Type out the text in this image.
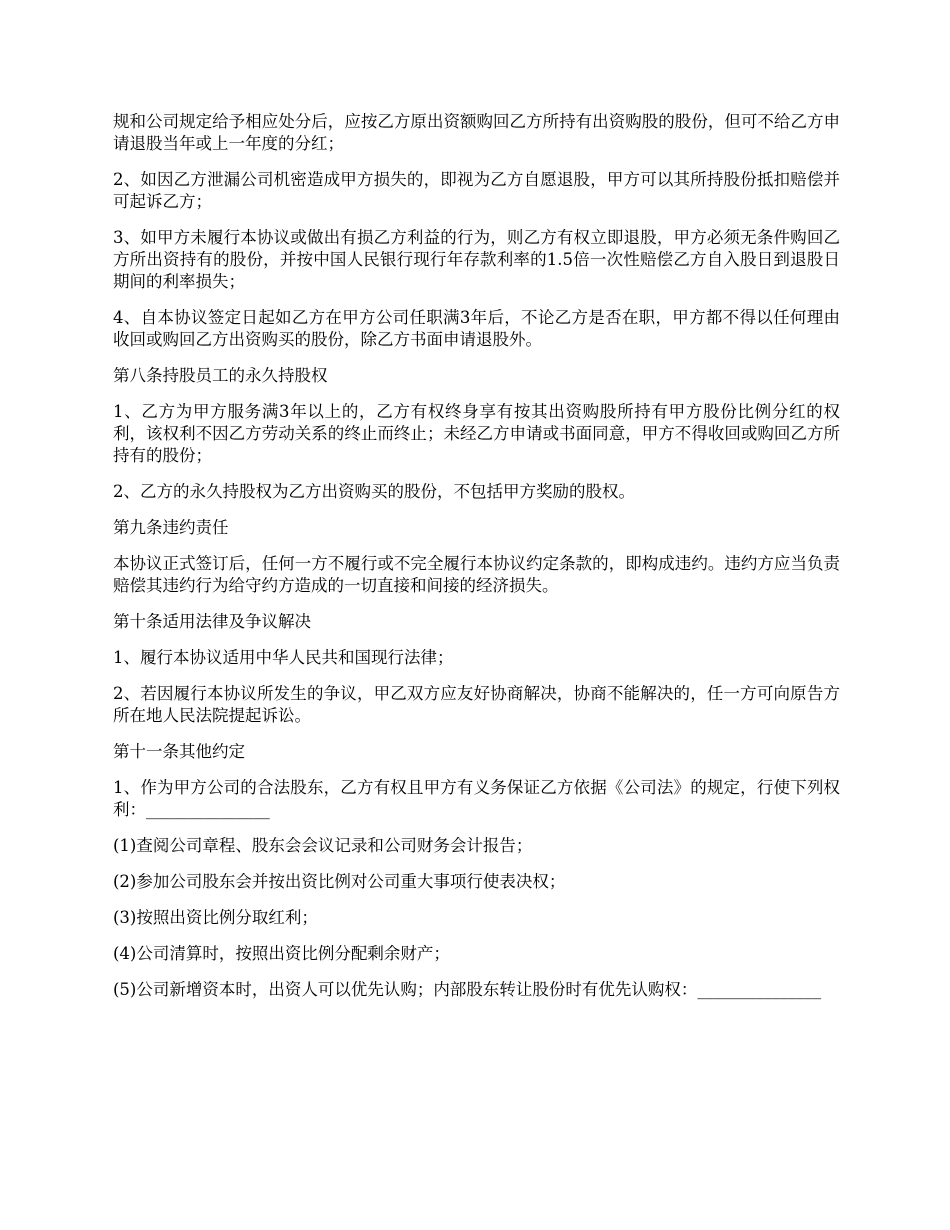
规和公司规定给予相应处分后，应按乙方原出资额购回乙方所持有出资购股的股份，但可不给乙方申请退股当年或上一年度的分红；

2、如因乙方泄漏公司机密造成甲方损失的，即视为乙方自愿退股，甲方可以其所持股份抵扣赔偿并可起诉乙方；

3、如甲方未履行本协议或做出有损乙方利益的行为，则乙方有权立即退股，甲方必须无条件购回乙方所出资持有的股份，并按中国人民银行现行年存款利率的1.5倍一次性赔偿乙方自入股日到退股日期间的利率损失；

4、自本协议签定日起如乙方在甲方公司任职满3年后，不论乙方是否在职，甲方都不得以任何理由收回或购回乙方出资购买的股份，除乙方书面申请退股外。

第八条持股员工的永久持股权

1、乙方为甲方服务满3年以上的，乙方有权终身享有按其出资购股所持有甲方股份比例分红的权利，该权利不因乙方劳动关系的终止而终止；未经乙方申请或书面同意，甲方不得收回或购回乙方所持有的股份；

2、乙方的永久持股权为乙方出资购买的股份，不包括甲方奖励的股权。

第九条违约责任

本协议正式签订后，任何一方不履行或不完全履行本协议约定条款的，即构成违约。违约方应当负责赔偿其违约行为给守约方造成的一切直接和间接的经济损失。

第十条适用法律及争议解决

1、履行本协议适用中华人民共和国现行法律；

2、若因履行本协议所发生的争议，甲乙双方应友好协商解决，协商不能解决的，任一方可向原告方所在地人民法院提起诉讼。

第十一条其他约定

1、作为甲方公司的合法股东，乙方有权且甲方有义务保证乙方依据《公司法》的规定，行使下列权利：_______________

(1)查阅公司章程、股东会会议记录和公司财务会计报告；

(2)参加公司股东会并按出资比例对公司重大事项行使表决权；

(3)按照出资比例分取红利；

(4)公司清算时，按照出资比例分配剩余财产；

(5)公司新增资本时，出资人可以优先认购；内部股东转让股份时有优先认购权：_______________
